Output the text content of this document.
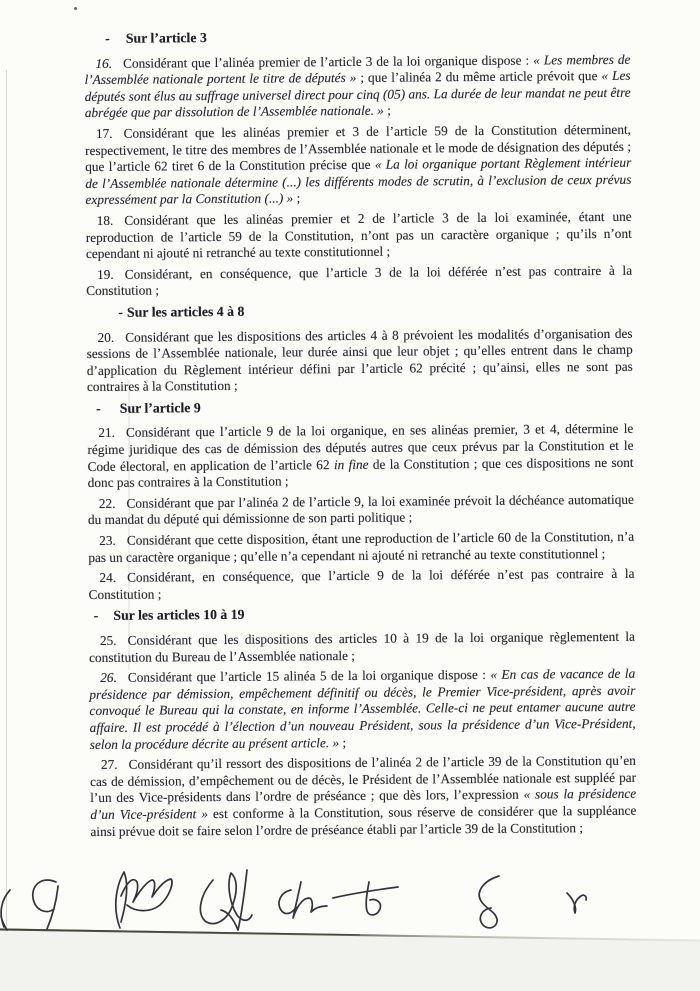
- Sur l’article 3

16. Considérant que l’alinéa premier de l’article 3 de la loi organique dispose : « Les membres de l’Assemblée nationale portent le titre de députés » ; que l’alinéa 2 du même article prévoit que « Les députés sont élus au suffrage universel direct pour cinq (05) ans. La durée de leur mandat ne peut être abrégée que par dissolution de l’Assemblée nationale. » ;

17. Considérant que les alinéas premier et 3 de l’article 59 de la Constitution déterminent, respectivement, le titre des membres de l’Assemblée nationale et le mode de désignation des députés ; que l’article 62 tiret 6 de la Constitution précise que « La loi organique portant Règlement intérieur de l’Assemblée nationale détermine (...) les différents modes de scrutin, à l’exclusion de ceux prévus expressément par la Constitution (...) » ;

18. Considérant que les alinéas premier et 2 de l’article 3 de la loi examinée, étant une reproduction de l’article 59 de la Constitution, n’ont pas un caractère organique ; qu’ils n’ont cependant ni ajouté ni retranché au texte constitutionnel ;

19. Considérant, en conséquence, que l’article 3 de la loi déférée n’est pas contraire à la Constitution ;

- Sur les articles 4 à 8

20. Considérant que les dispositions des articles 4 à 8 prévoient les modalités d’organisation des sessions de l’Assemblée nationale, leur durée ainsi que leur objet ; qu’elles entrent dans le champ d’application du Règlement intérieur défini par l’article 62 précité ; qu’ainsi, elles ne sont pas contraires à la Constitution ;

- Sur l’article 9

21. Considérant que l’article 9 de la loi organique, en ses alinéas premier, 3 et 4, détermine le régime juridique des cas de démission des députés autres que ceux prévus par la Constitution et le Code électoral, en application de l’article 62 in fine de la Constitution ; que ces dispositions ne sont donc pas contraires à la Constitution ;

22. Considérant que par l’alinéa 2 de l’article 9, la loi examinée prévoit la déchéance automatique du mandat du député qui démissionne de son parti politique ;

23. Considérant que cette disposition, étant une reproduction de l’article 60 de la Constitution, n’a pas un caractère organique ; qu’elle n’a cependant ni ajouté ni retranché au texte constitutionnel ;

24. Considérant, en conséquence, que l’article 9 de la loi déférée n’est pas contraire à la Constitution ;

- Sur les articles 10 à 19

25. Considérant que les dispositions des articles 10 à 19 de la loi organique règlementent la constitution du Bureau de l’Assemblée nationale ;

26. Considérant que l’article 15 alinéa 5 de la loi organique dispose : « En cas de vacance de la présidence par démission, empêchement définitif ou décès, le Premier Vice-président, après avoir convoqué le Bureau qui la constate, en informe l’Assemblée. Celle-ci ne peut entamer aucune autre affaire. Il est procédé à l’élection d’un nouveau Président, sous la présidence d’un Vice-Président, selon la procédure décrite au présent article. » ;

27. Considérant qu’il ressort des dispositions de l’alinéa 2 de l’article 39 de la Constitution qu’en cas de démission, d’empêchement ou de décès, le Président de l’Assemblée nationale est suppléé par l’un des Vice-présidents dans l’ordre de préséance ; que dès lors, l’expression « sous la présidence d’un Vice-président » est conforme à la Constitution, sous réserve de considérer que la suppléance ainsi prévue doit se faire selon l’ordre de préséance établi par l’article 39 de la Constitution ;
